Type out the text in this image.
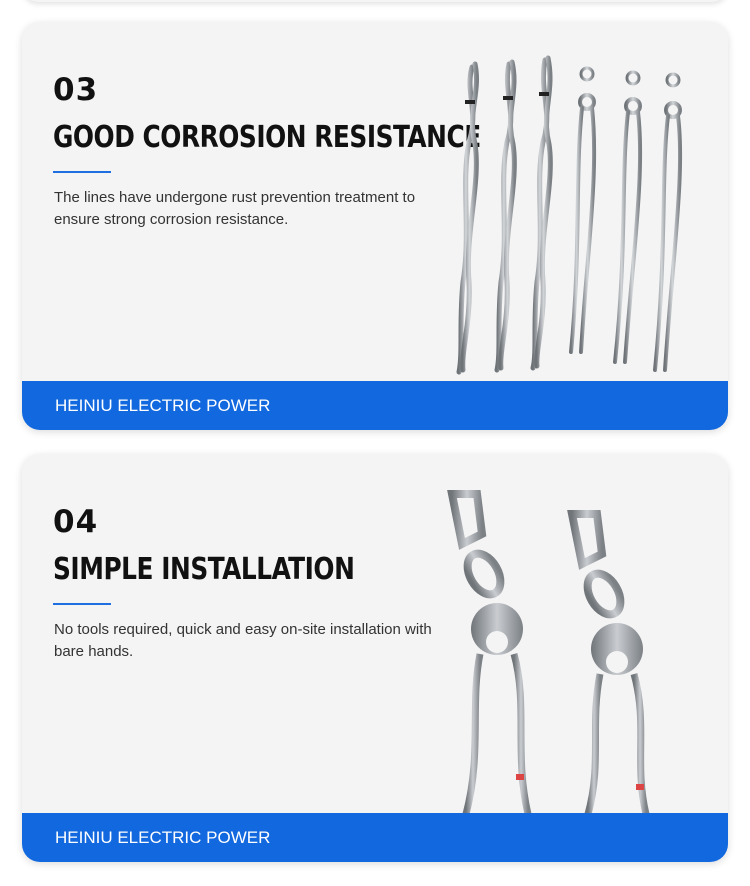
03
GOOD CORROSION RESISTANCE
The lines have undergone rust prevention treatment to ensure strong corrosion resistance.
HEINIU ELECTRIC POWER
04
SIMPLE INSTALLATION
No tools required, quick and easy on-site installation with bare hands.
HEINIU ELECTRIC POWER
